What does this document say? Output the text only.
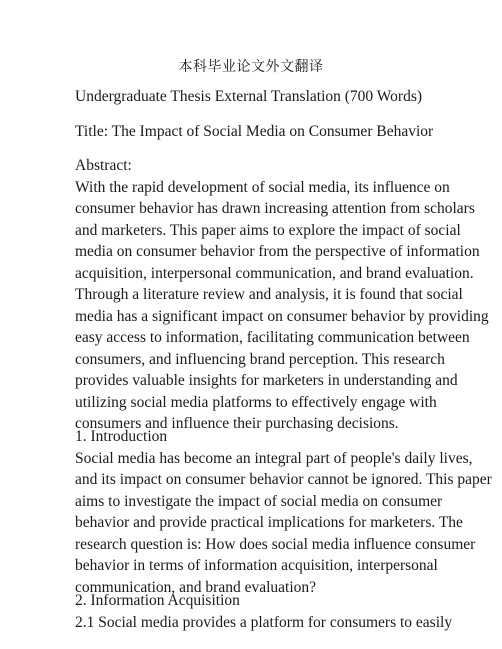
本科毕业论文外文翻译
Undergraduate Thesis External Translation (700 Words)
Title: The Impact of Social Media on Consumer Behavior
Abstract:
With the rapid development of social media, its influence on
consumer behavior has drawn increasing attention from scholars
and marketers. This paper aims to explore the impact of social
media on consumer behavior from the perspective of information
acquisition, interpersonal communication, and brand evaluation.
Through a literature review and analysis, it is found that social
media has a significant impact on consumer behavior by providing
easy access to information, facilitating communication between
consumers, and influencing brand perception. This research
provides valuable insights for marketers in understanding and
utilizing social media platforms to effectively engage with
consumers and influence their purchasing decisions.
1. Introduction
Social media has become an integral part of people's daily lives,
and its impact on consumer behavior cannot be ignored. This paper
aims to investigate the impact of social media on consumer
behavior and provide practical implications for marketers. The
research question is: How does social media influence consumer
behavior in terms of information acquisition, interpersonal
communication, and brand evaluation?
2. Information Acquisition
2.1 Social media provides a platform for consumers to easily
